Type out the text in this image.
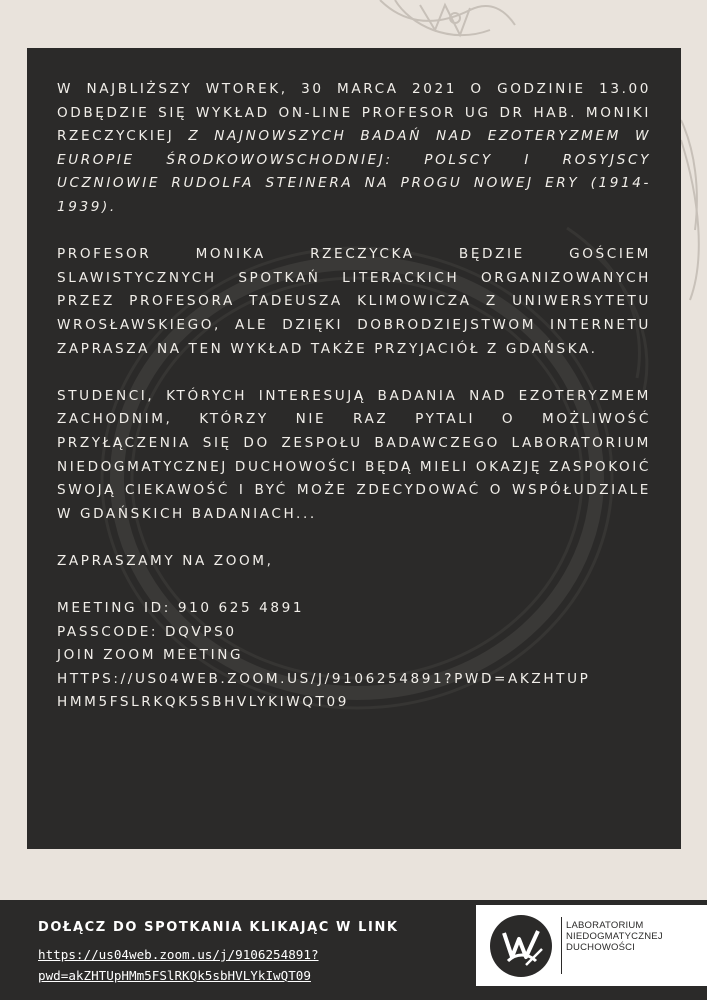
W NAJBLIŻSZY WTOREK, 30 MARCA 2021 O GODZINIE 13.00 ODBĘDZIE SIĘ WYKŁAD ON-LINE PROFESOR UG DR HAB. MONIKI RZECZYCKIEJ Z NAJNOWSZYCH BADAŃ NAD EZOTERYZMEM W EUROPIE ŚRODKOWOWSCHODNIEJ: POLSCY I ROSYJSCY UCZNIOWIE RUDOLFA STEINERA NA PROGU NOWEJ ERY (1914-1939).

PROFESOR MONIKA RZECZYCKA BĘDZIE GOŚCIEM SLAWISTYCZNYCH SPOTKAŃ LITERACKICH ORGANIZOWANYCH PRZEZ PROFESORA TADEUSZA KLIMOWICZA Z UNIWERSYTETU WROSŁAWSKIEGO, ALE DZIĘKI DOBRODZIEJSTWOM INTERNETU ZAPRASZA NA TEN WYKŁAD TAKŻE PRZYJACIÓŁ Z GDAŃSKA.

STUDENCI, KTÓRYCH INTERESUJĄ BADANIA NAD EZOTERYZMEM ZACHODNIM, KTÓRZY NIE RAZ PYTALI O MOŻLIWOŚĆ PRZYŁĄCZENIA SIĘ DO ZESPOŁU BADAWCZEGO LABORATORIUM NIEDOGMATYCZNEJ DUCHOWOŚCI BĘDĄ MIELI OKAZJĘ ZASPOKOIĆ SWOJĄ CIEKAWOŚĆ I BYĆ MOŻE ZDECYDOWAĆ O WSPÓŁUDZIALE W GDAŃSKICH BADANIACH...

ZAPRASZAMY NA ZOOM,

MEETING ID: 910 625 4891

PASSCODE: DQVPS0

JOIN ZOOM MEETING

HTTPS://US04WEB.ZOOM.US/J/9106254891?PWD=AKZHTUP

HMM5FSLRKQK5SBHVLYKIWQT09

DOŁĄCZ DO SPOTKANIA KLIKAJĄC W LINK
https://us04web.zoom.us/j/9106254891?
pwd=akZHTUpHMm5FSlRKQk5sbHVLYkIwQT09
LABORATORIUM
NIEDOGMATYCZNEJ
DUCHOWOŚCI
